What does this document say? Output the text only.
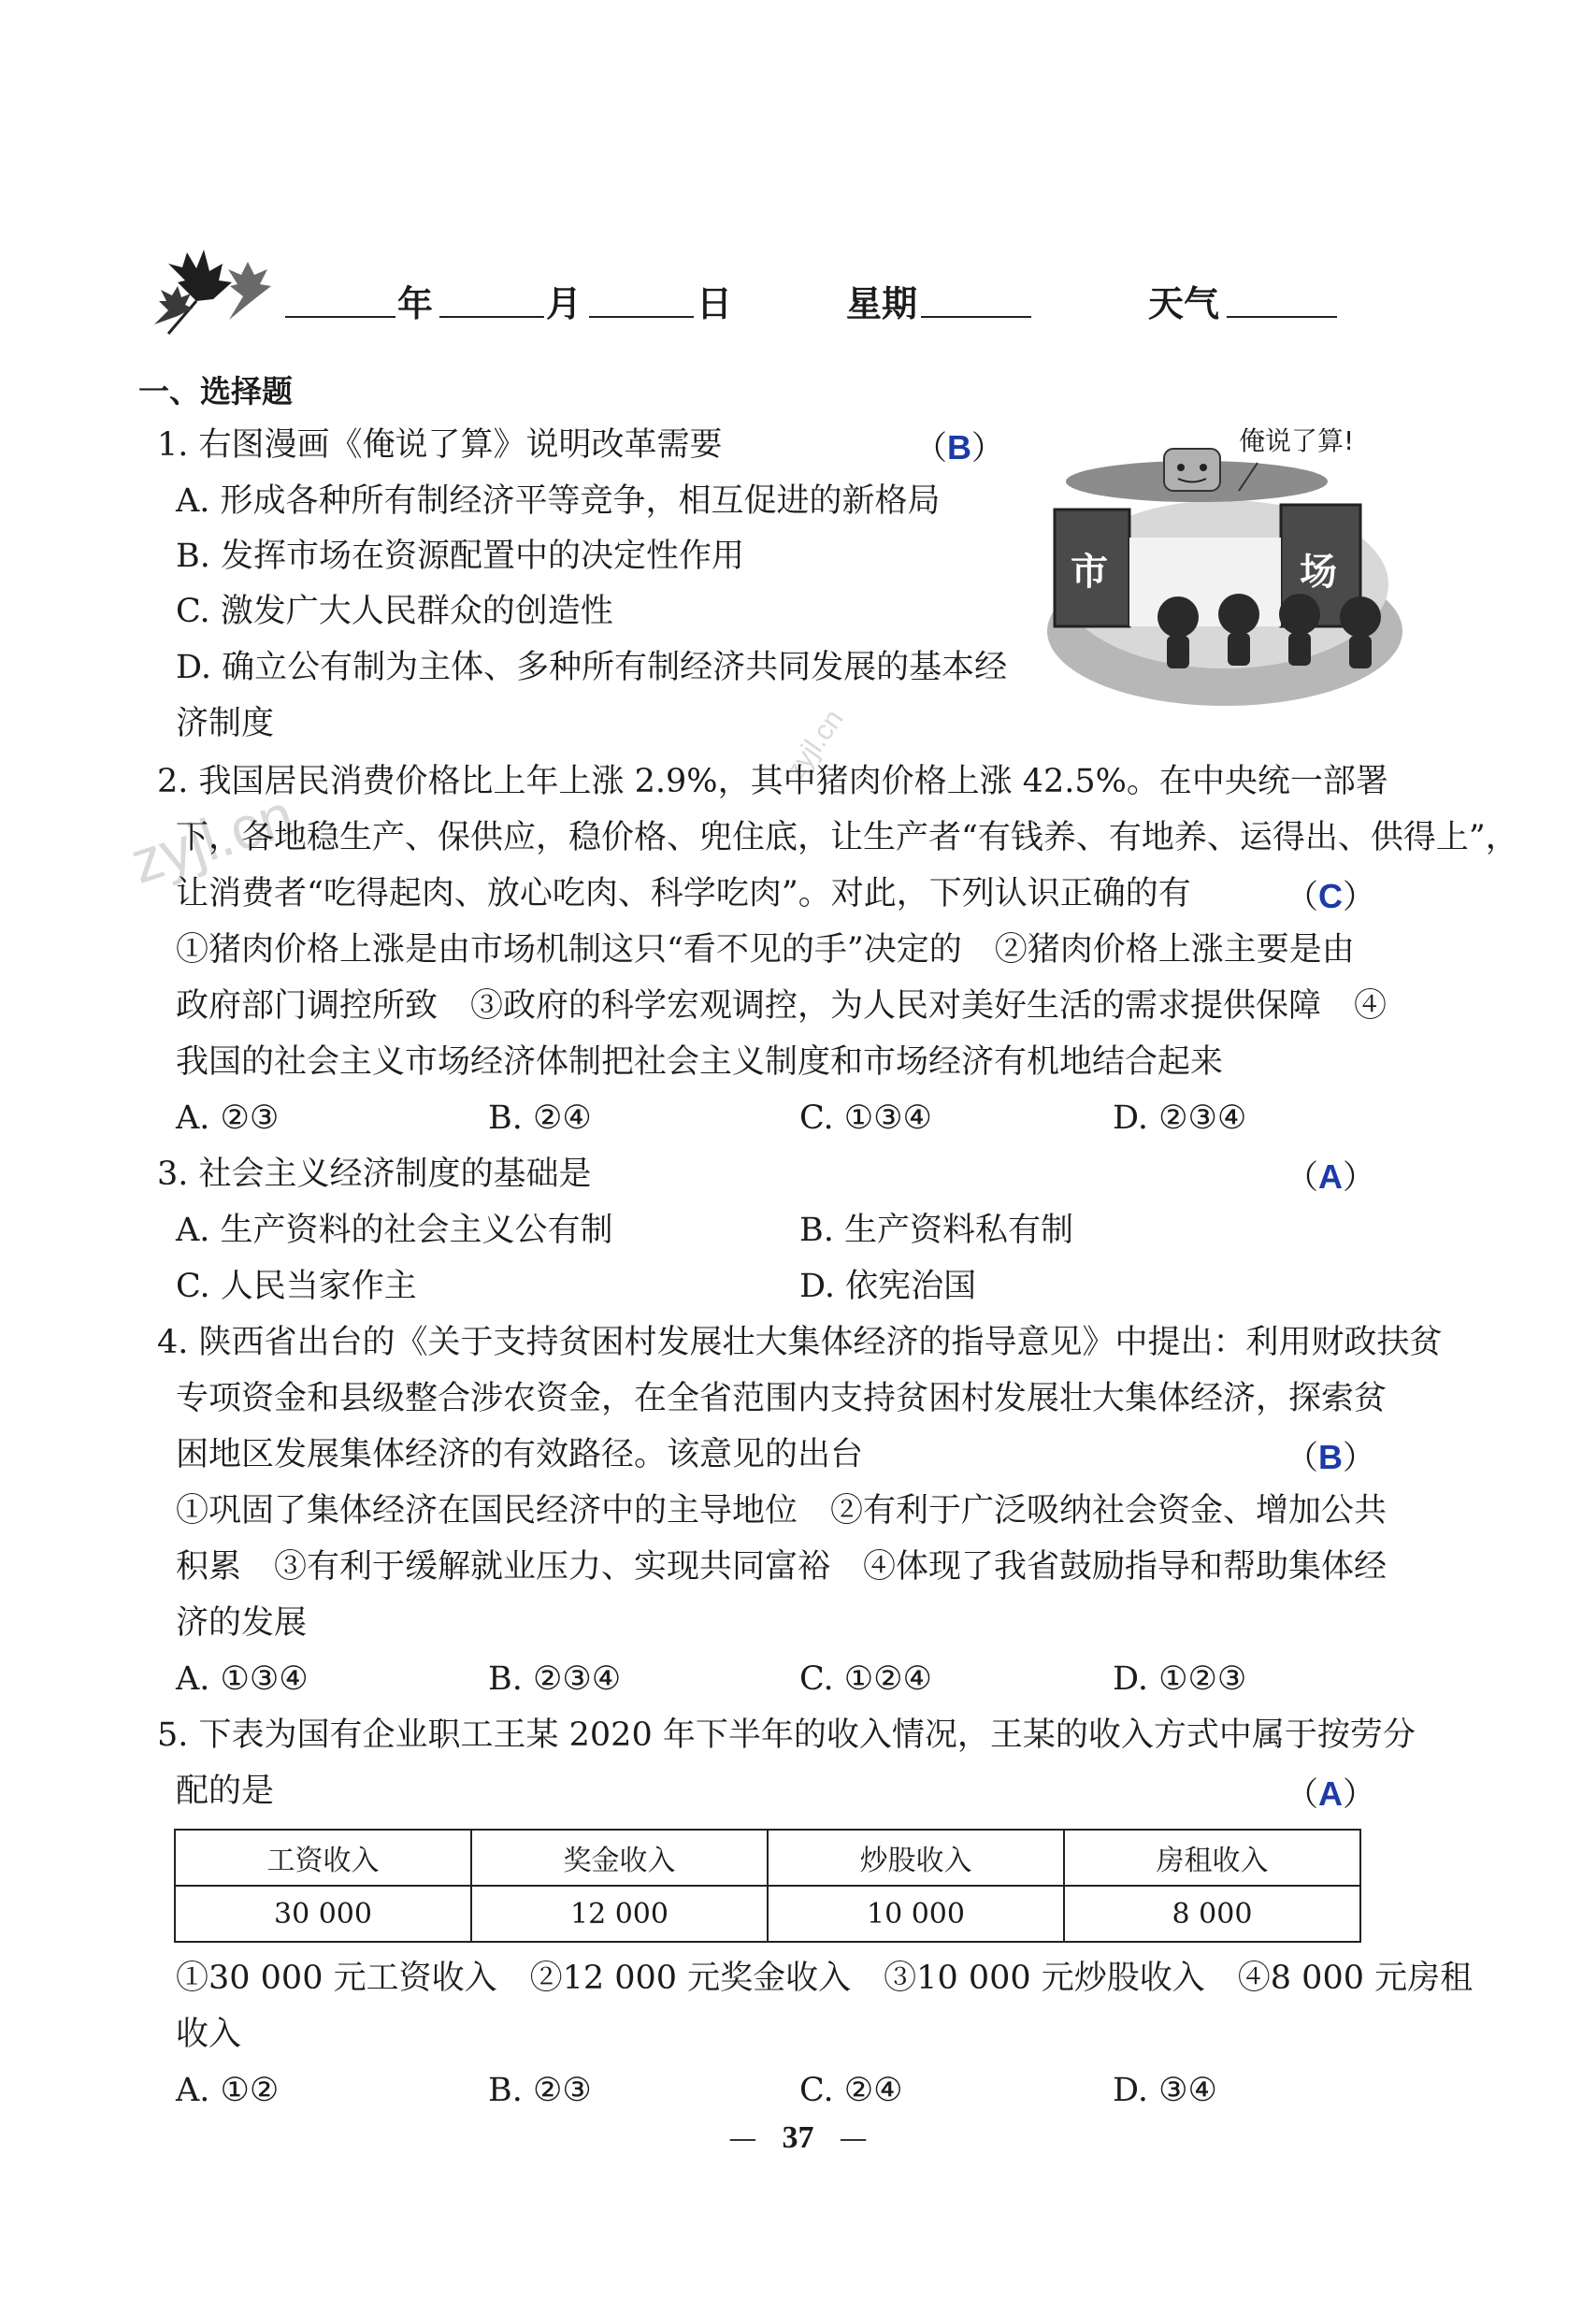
年	月	日	星期	天气
一、选择题
1. 右图漫画《俺说了算》说明改革需要	（B）
A. 形成各种所有制经济平等竞争，相互促进的新格局
B. 发挥市场在资源配置中的决定性作用
C. 激发广大人民群众的创造性
D. 确立公有制为主体、多种所有制经济共同发展的基本经
济制度
俺说了算!
市	场
zyjl.cn
zyjl.cn
2. 我国居民消费价格比上年上涨 2.9%，其中猪肉价格上涨 42.5%。在中央统一部署
下，各地稳生产、保供应，稳价格、兜住底，让生产者“有钱养、有地养、运得出、供得上”，
让消费者“吃得起肉、放心吃肉、科学吃肉”。对此，下列认识正确的有	（C）
①猪肉价格上涨是由市场机制这只“看不见的手”决定的　②猪肉价格上涨主要是由
政府部门调控所致　③政府的科学宏观调控，为人民对美好生活的需求提供保障　④
我国的社会主义市场经济体制把社会主义制度和市场经济有机地结合起来
A. ②③	B. ②④	C. ①③④	D. ②③④
3. 社会主义经济制度的基础是	（A）
A. 生产资料的社会主义公有制	B. 生产资料私有制
C. 人民当家作主	D. 依宪治国
4. 陕西省出台的《关于支持贫困村发展壮大集体经济的指导意见》中提出：利用财政扶贫
专项资金和县级整合涉农资金，在全省范围内支持贫困村发展壮大集体经济，探索贫
困地区发展集体经济的有效路径。该意见的出台	（B）
①巩固了集体经济在国民经济中的主导地位　②有利于广泛吸纳社会资金、增加公共
积累　③有利于缓解就业压力、实现共同富裕　④体现了我省鼓励指导和帮助集体经
济的发展
A. ①③④	B. ②③④	C. ①②④	D. ①②③
5. 下表为国有企业职工王某 2020 年下半年的收入情况，王某的收入方式中属于按劳分
配的是	（A）
工资收入	奖金收入	炒股收入	房租收入
30 000	12 000	10 000	8 000
①30 000 元工资收入　②12 000 元奖金收入　③10 000 元炒股收入　④8 000 元房租
收入
A. ①②	B. ②③	C. ②④	D. ③④
— 37 —
